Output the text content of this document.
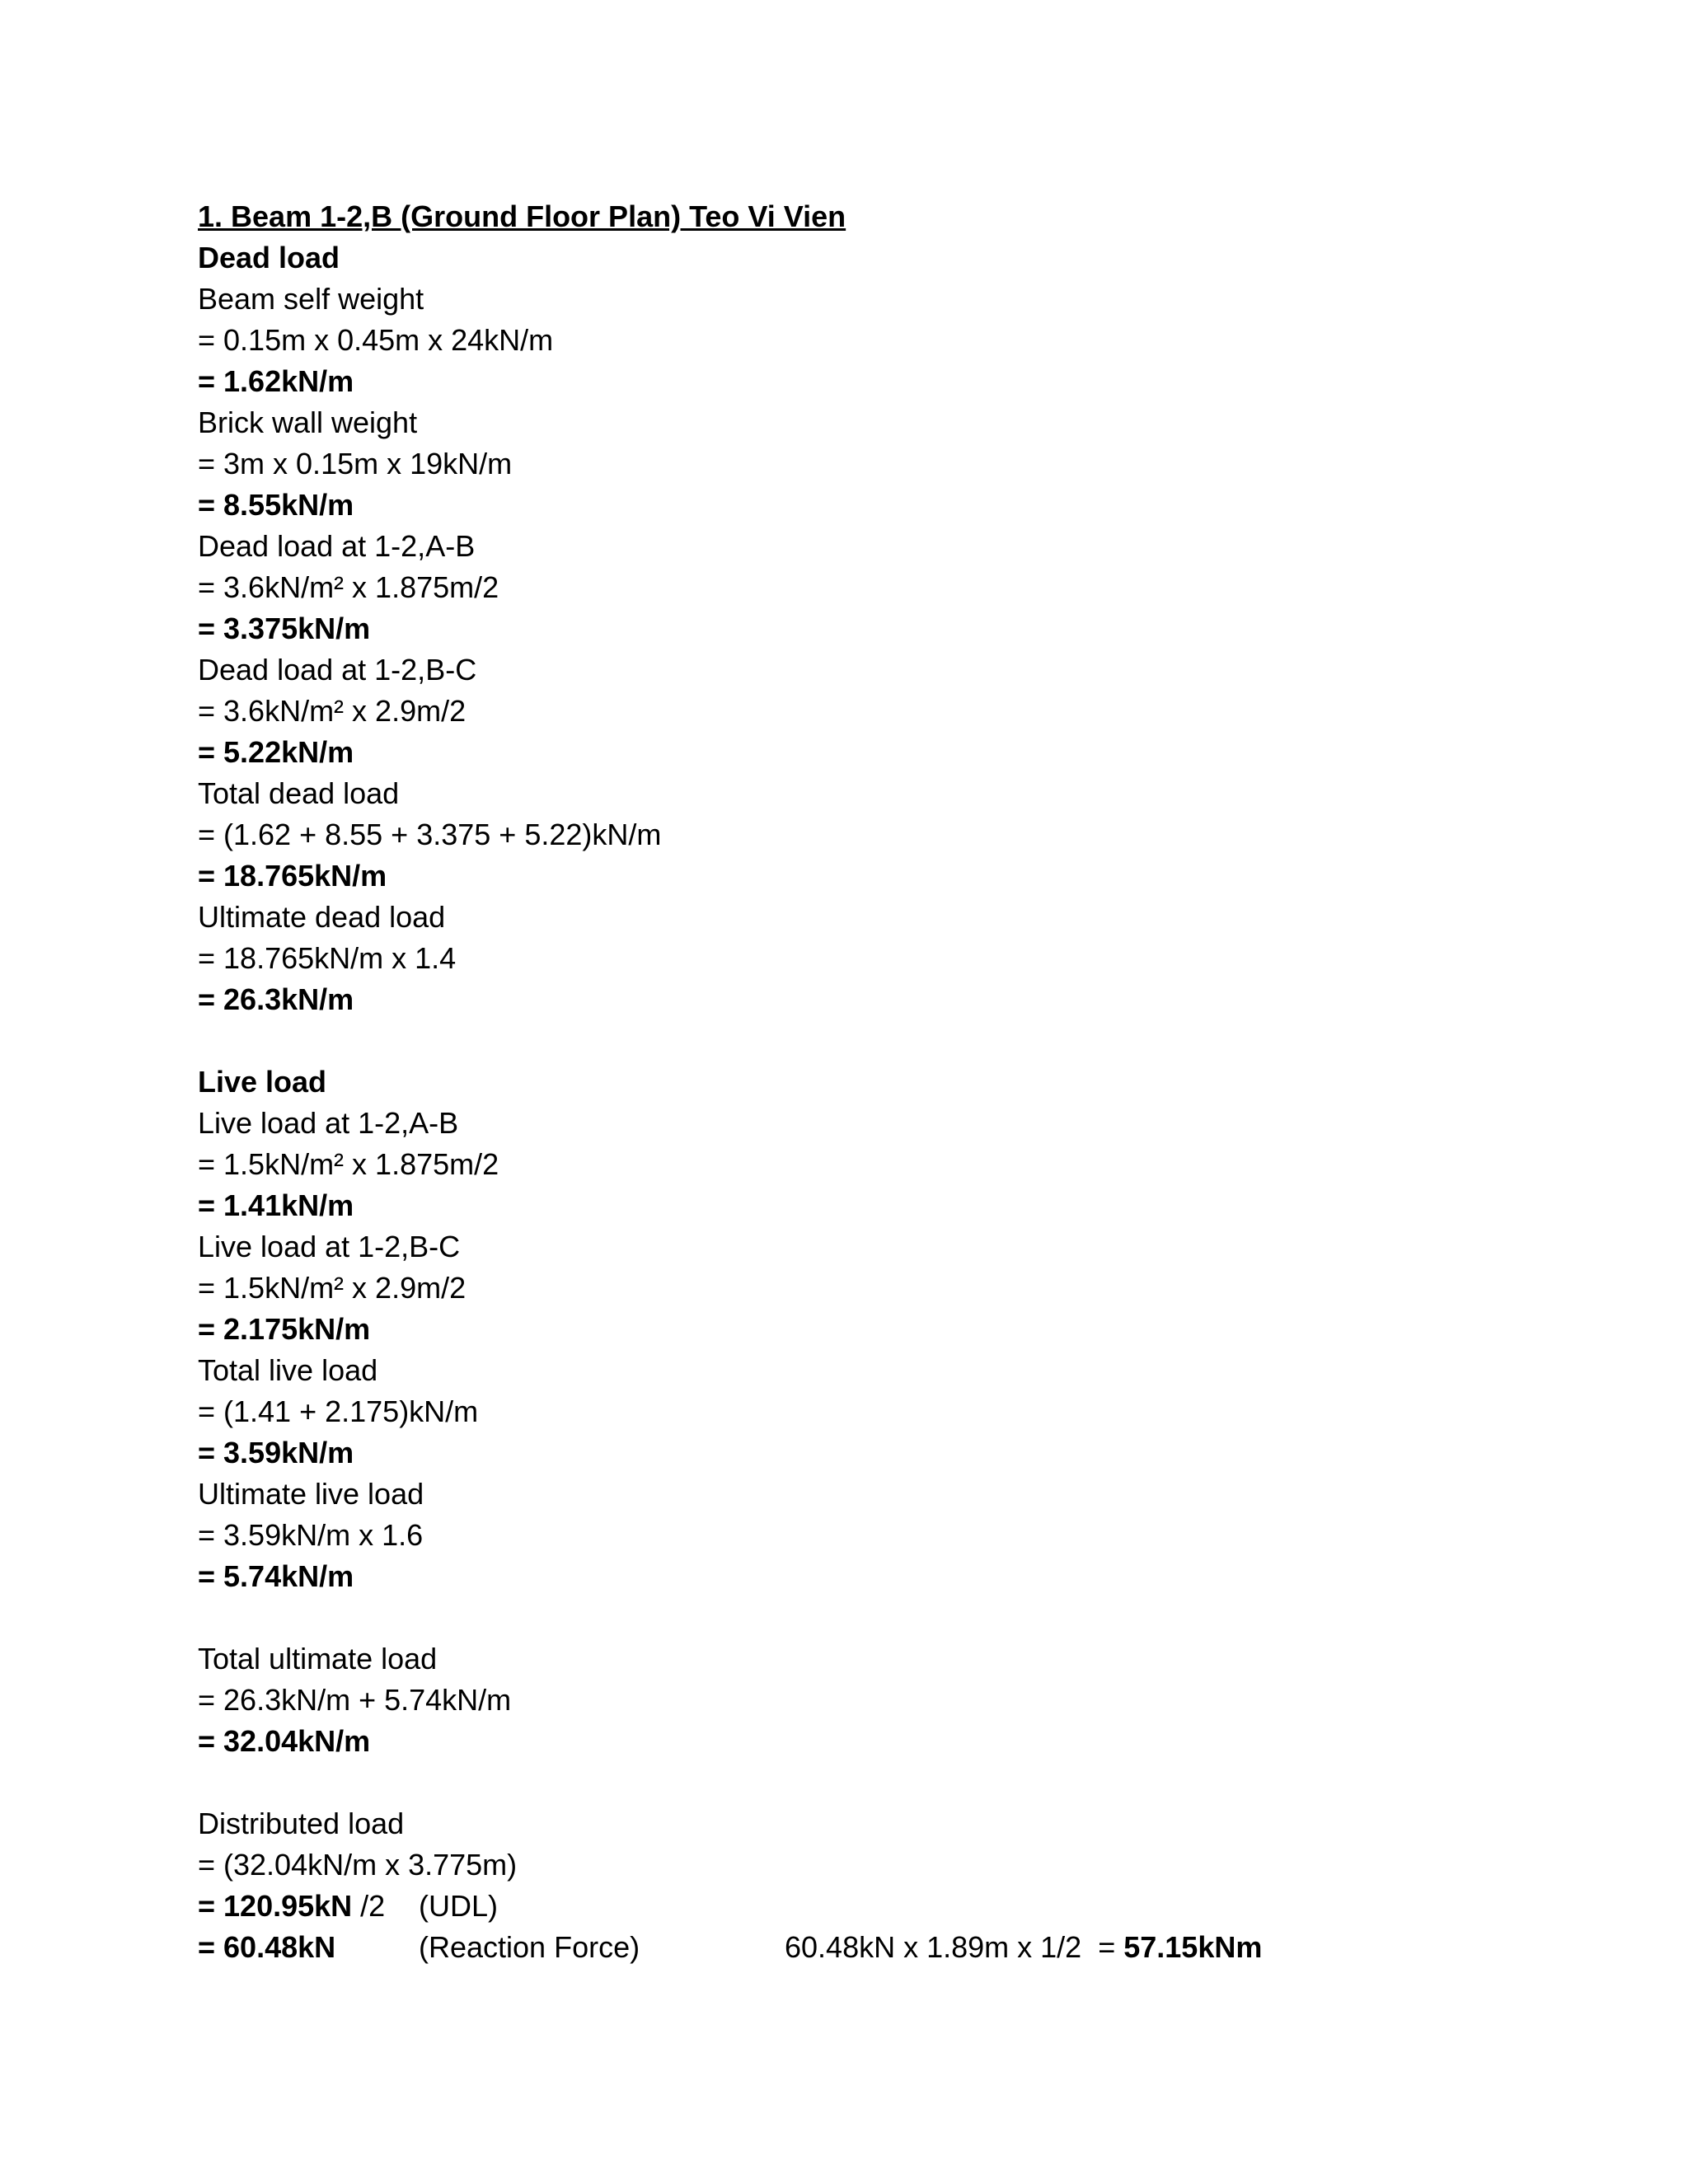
1. Beam 1-2,B (Ground Floor Plan) Teo Vi Vien
Dead load
Beam self weight
= 0.15m x 0.45m x 24kN/m
= 1.62kN/m
Brick wall weight
= 3m x 0.15m x 19kN/m
= 8.55kN/m
Dead load at 1-2,A-B
= 3.6kN/m² x 1.875m/2
= 3.375kN/m
Dead load at 1-2,B-C
= 3.6kN/m² x 2.9m/2
= 5.22kN/m
Total dead load
= (1.62 + 8.55 + 3.375 + 5.22)kN/m
= 18.765kN/m
Ultimate dead load
= 18.765kN/m x 1.4
= 26.3kN/m
Live load
Live load at 1-2,A-B
= 1.5kN/m² x 1.875m/2
= 1.41kN/m
Live load at 1-2,B-C
= 1.5kN/m² x 2.9m/2
= 2.175kN/m
Total live load
= (1.41 + 2.175)kN/m
= 3.59kN/m
Ultimate live load
= 3.59kN/m x 1.6
= 5.74kN/m
Total ultimate load
= 26.3kN/m + 5.74kN/m
= 32.04kN/m
Distributed load
= (32.04kN/m x 3.775m)
= 120.95kN /2 (UDL)
= 60.48kN	(Reaction Force)	60.48kN x 1.89m x 1/2  = 57.15kNm
